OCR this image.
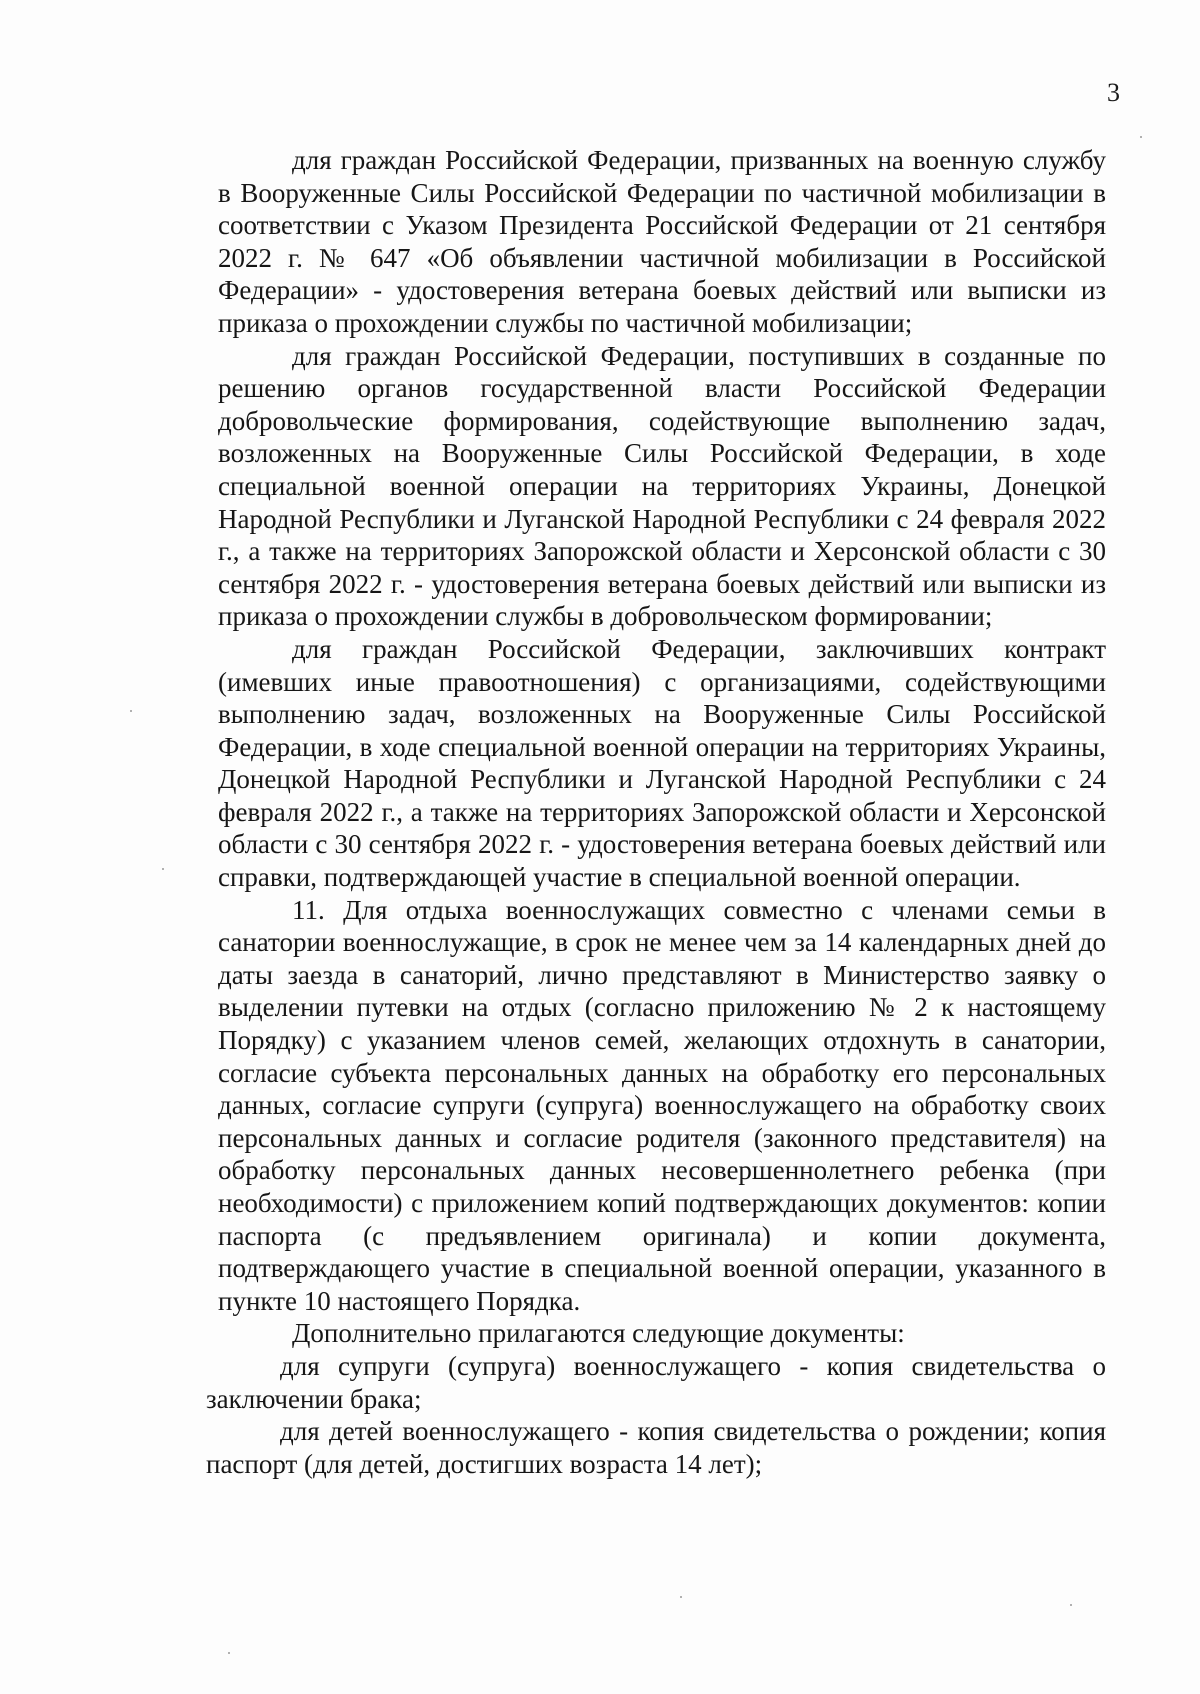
3

для граждан Российской Федерации, призванных на военную службу в Вооруженные Силы Российской Федерации по частичной мобилизации в соответствии с Указом Президента Российской Федерации от 21 сентября 2022 г. № 647 «Об объявлении частичной мобилизации в Российской Федерации» - удостоверения ветерана боевых действий или выписки из приказа о прохождении службы по частичной мобилизации;

для граждан Российской Федерации, поступивших в созданные по решению органов государственной власти Российской Федерации добровольческие формирования, содействующие выполнению задач, возложенных на Вооруженные Силы Российской Федерации, в ходе специальной военной операции на территориях Украины, Донецкой Народной Республики и Луганской Народной Республики с 24 февраля 2022 г., а также на территориях Запорожской области и Херсонской области с 30 сентября 2022 г. - удостоверения ветерана боевых действий или выписки из приказа о прохождении службы в добровольческом формировании;

для граждан Российской Федерации, заключивших контракт (имевших иные правоотношения) с организациями, содействующими выполнению задач, возложенных на Вооруженные Силы Российской Федерации, в ходе специальной военной операции на территориях Украины, Донецкой Народной Республики и Луганской Народной Республики с 24 февраля 2022 г., а также на территориях Запорожской области и Херсонской области с 30 сентября 2022 г. - удостоверения ветерана боевых действий или справки, подтверждающей участие в специальной военной операции.

11. Для отдыха военнослужащих совместно с членами семьи в санатории военнослужащие, в срок не менее чем за 14 календарных дней до даты заезда в санаторий, лично представляют в Министерство заявку о выделении путевки на отдых (согласно приложению № 2 к настоящему Порядку) с указанием членов семей, желающих отдохнуть в санатории, согласие субъекта персональных данных на обработку его персональных данных, согласие супруги (супруга) военнослужащего на обработку своих персональных данных и согласие родителя (законного представителя) на обработку персональных данных несовершеннолетнего ребенка (при необходимости) с приложением копий подтверждающих документов: копии паспорта (с предъявлением оригинала) и копии документа, подтверждающего участие в специальной военной операции, указанного в пункте 10 настоящего Порядка.

Дополнительно прилагаются следующие документы:

для супруги (супруга) военнослужащего - копия свидетельства о заключении брака;

для детей военнослужащего - копия свидетельства о рождении; копия паспорт (для детей, достигших возраста 14 лет);
